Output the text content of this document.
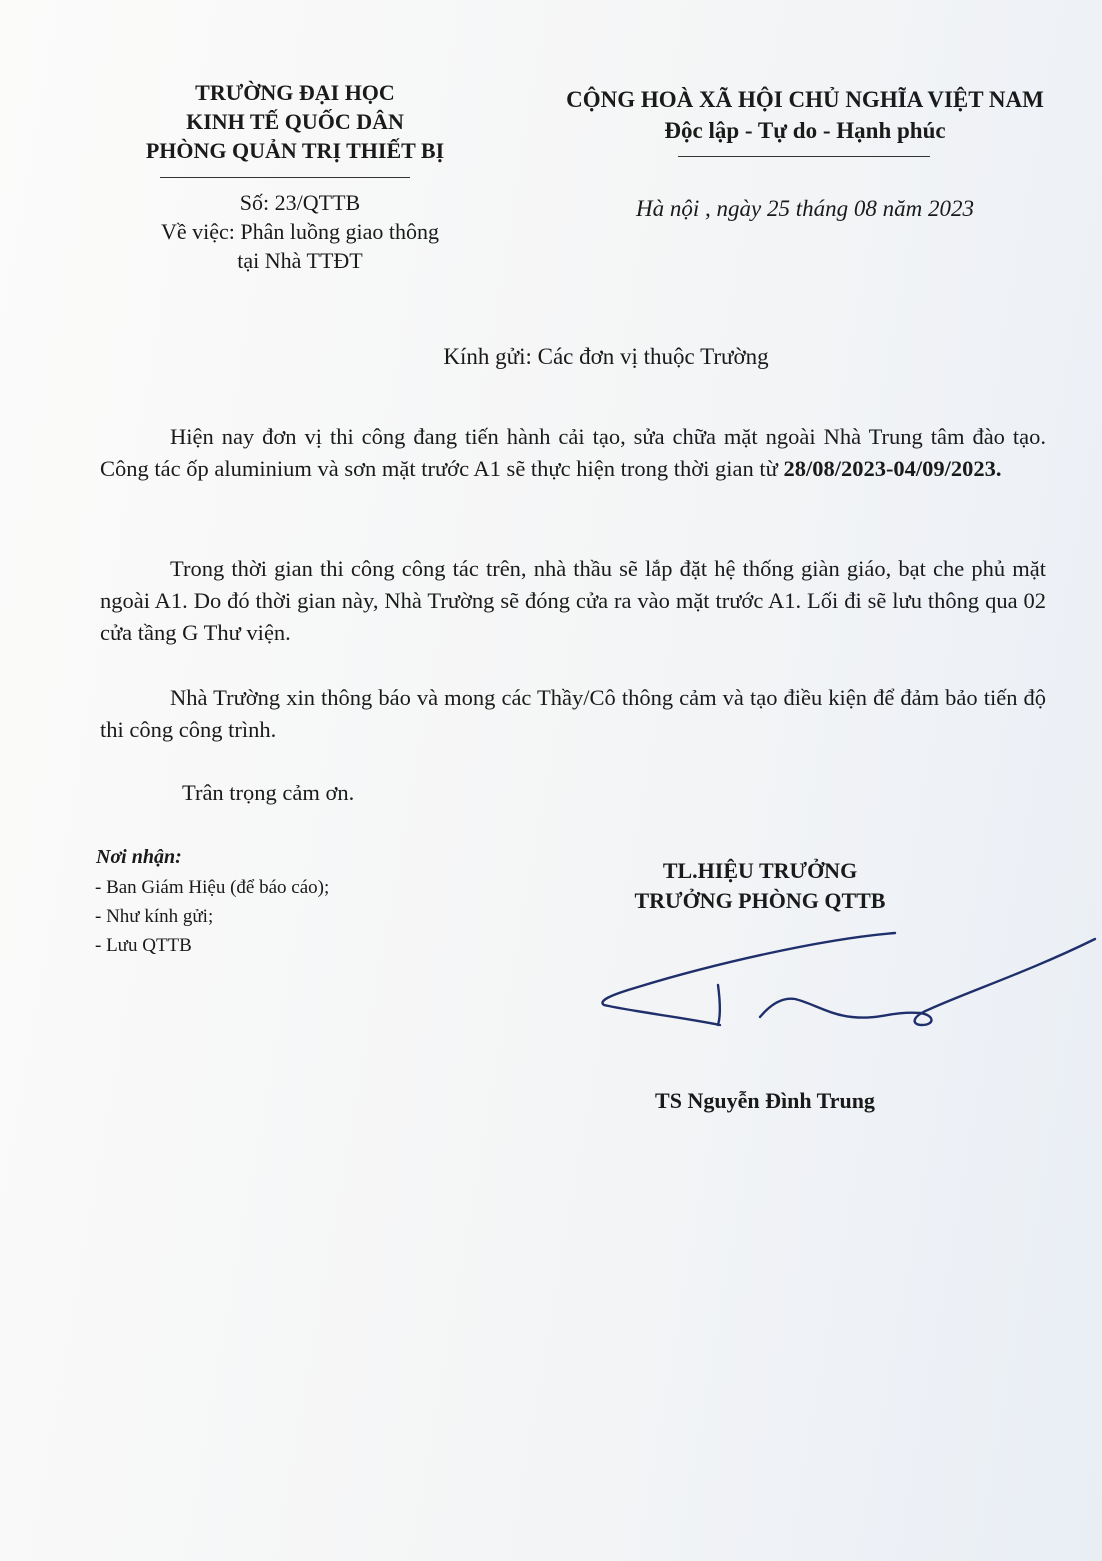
TRƯỜNG ĐẠI HỌC
KINH TẾ QUỐC DÂN
PHÒNG QUẢN TRỊ THIẾT BỊ
Số: 23/QTTB
Về việc: Phân luồng giao thông
tại Nhà TTĐT
CỘNG HOÀ XÃ HỘI CHỦ NGHĨA VIỆT NAM
Độc lập - Tự do - Hạnh phúc
Hà nội , ngày 25 tháng 08 năm 2023
Kính gửi: Các đơn vị thuộc Trường

Hiện nay đơn vị thi công đang tiến hành cải tạo, sửa chữa mặt ngoài Nhà Trung tâm đào tạo. Công tác ốp aluminium và sơn mặt trước A1 sẽ thực hiện trong thời gian từ 28/08/2023-04/09/2023.

Trong thời gian thi công công tác trên, nhà thầu sẽ lắp đặt hệ thống giàn giáo, bạt che phủ mặt ngoài A1. Do đó thời gian này, Nhà Trường sẽ đóng cửa ra vào mặt trước A1. Lối đi sẽ lưu thông qua 02 cửa tầng G Thư viện.

Nhà Trường xin thông báo và mong các Thầy/Cô thông cảm và tạo điều kiện để đảm bảo tiến độ thi công công trình.

Trân trọng cảm ơn.
Nơi nhận:
- Ban Giám Hiệu (để báo cáo);
- Như kính gửi;
- Lưu QTTB
TL.HIỆU TRƯỞNG
TRƯỞNG PHÒNG QTTB
TS Nguyễn Đình Trung
